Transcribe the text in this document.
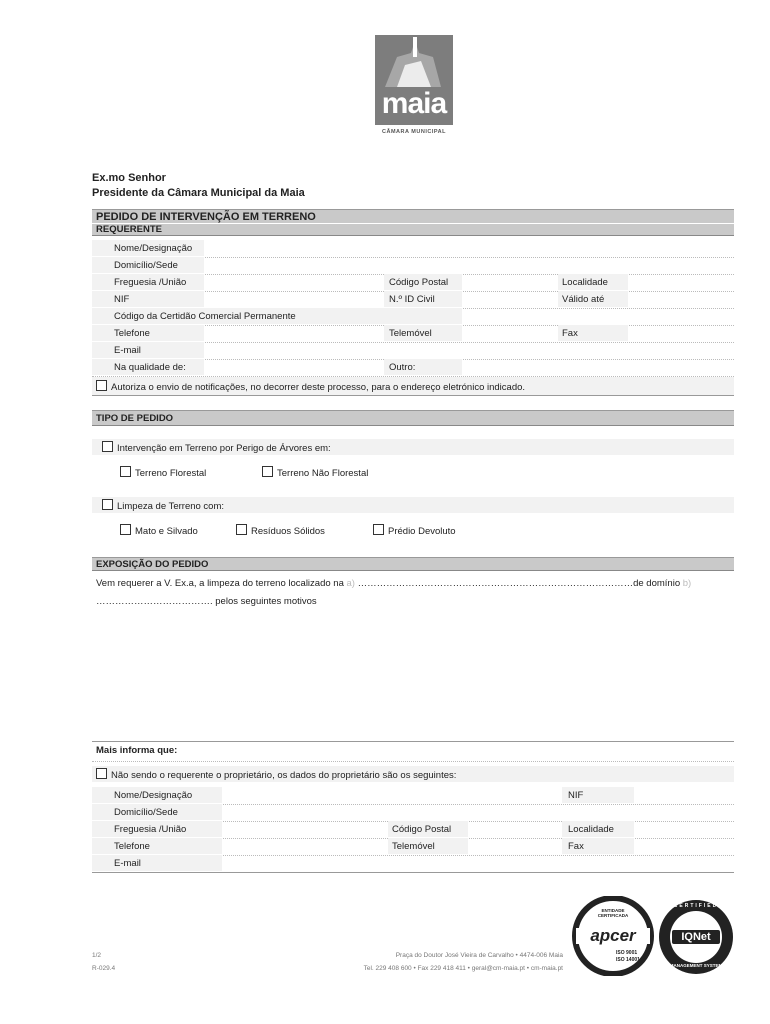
maia
CÂMARA MUNICIPAL
Ex.mo Senhor
Presidente da Câmara Municipal da Maia
PEDIDO DE INTERVENÇÃO EM TERRENO
REQUERENTE
Nome/Designação
Domicílio/Sede
Freguesia /União	Código Postal	Localidade
NIF	N.º ID Civil	Válido até
Código da Certidão Comercial Permanente
Telefone	Telemóvel	Fax
E-mail
Na qualidade de:	Outro:
Autoriza o envio de notificações, no decorrer deste processo, para o endereço eletrónico indicado.
TIPO DE PEDIDO
Intervenção em Terreno por Perigo de Árvores em:
Terreno Florestal	Terreno Não Florestal
Limpeza de Terreno com:
Mato e Silvado	Resíduos Sólidos	Prédio Devoluto
EXPOSIÇÃO DO PEDIDO
Vem requerer a V. Ex.a, a limpeza do terreno localizado na a) ……………………………………………………………………………de domínio b)
………………………………. pelos seguintes motivos
Mais informa que:
Não sendo o requerente o proprietário, os dados do proprietário são os seguintes:
Nome/Designação	NIF
Domicílio/Sede
Freguesia /União	Código Postal	Localidade
Telefone	Telemóvel	Fax
E-mail
1/2
R-029.4
Praça do Doutor José Vieira de Carvalho • 4474-006 Maia
Tel. 229 408 600 • Fax 229 418 411 • geral@cm-maia.pt • cm-maia.pt
apcer
ENTIDADE CERTIFICADA
ISO 9001
ISO 14001
IQNet
CERTIFIED
MANAGEMENT SYSTEM
